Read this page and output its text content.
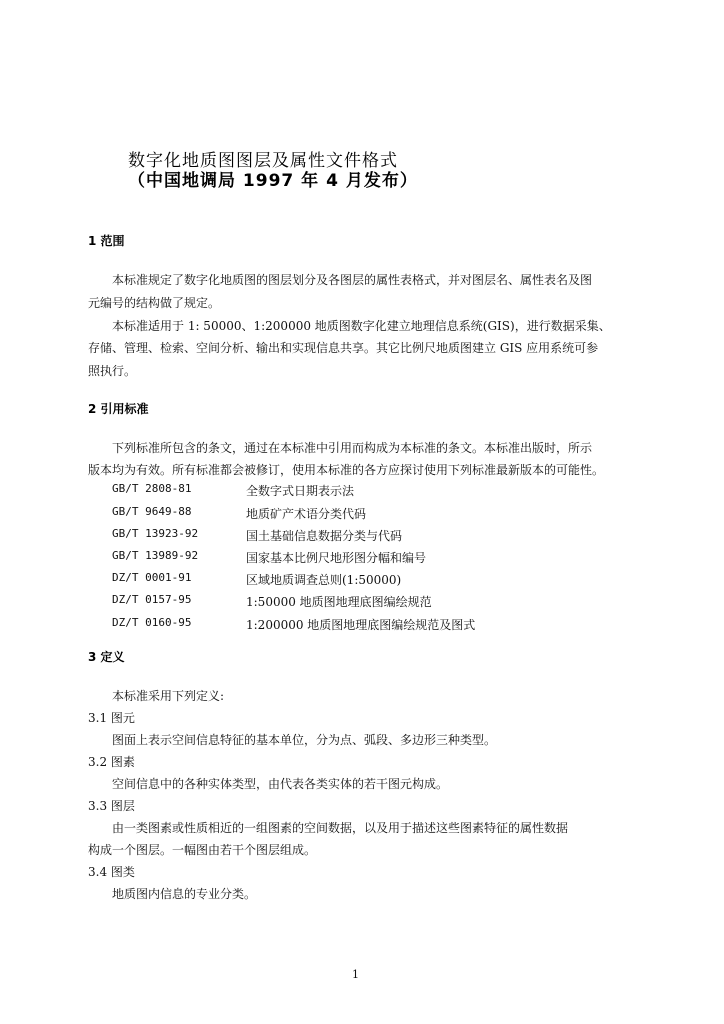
数字化地质图图层及属性文件格式
（中国地调局 1997 年 4 月发布）
1 范围
本标准规定了数字化地质图的图层划分及各图层的属性表格式，并对图层名、属性表名及图
元编号的结构做了规定。
本标准适用于 1: 50000、1:200000 地质图数字化建立地理信息系统(GIS)，进行数据采集、
存储、管理、检索、空间分析、输出和实现信息共享。其它比例尺地质图建立 GIS 应用系统可参
照执行。
2 引用标准
下列标准所包含的条文，通过在本标准中引用而构成为本标准的条文。本标准出版时，所示
版本均为有效。所有标准都会被修订，使用本标准的各方应探讨使用下列标准最新版本的可能性。
GB/T 2808-81	全数字式日期表示法
GB/T 9649-88	地质矿产术语分类代码
GB/T 13923-92	国土基础信息数据分类与代码
GB/T 13989-92	国家基本比例尺地形图分幅和编号
DZ/T 0001-91	区域地质调查总则(1:50000)
DZ/T 0157-95	1:50000 地质图地理底图编绘规范
DZ/T 0160-95	1:200000 地质图地理底图编绘规范及图式
3 定义
本标准采用下列定义:
3.1 图元
图面上表示空间信息特征的基本单位，分为点、弧段、多边形三种类型。
3.2 图素
空间信息中的各种实体类型，由代表各类实体的若干图元构成。
3.3 图层
由一类图素或性质相近的一组图素的空间数据，以及用于描述这些图素特征的属性数据
构成一个图层。一幅图由若干个图层组成。
3.4 图类
地质图内信息的专业分类。
1
